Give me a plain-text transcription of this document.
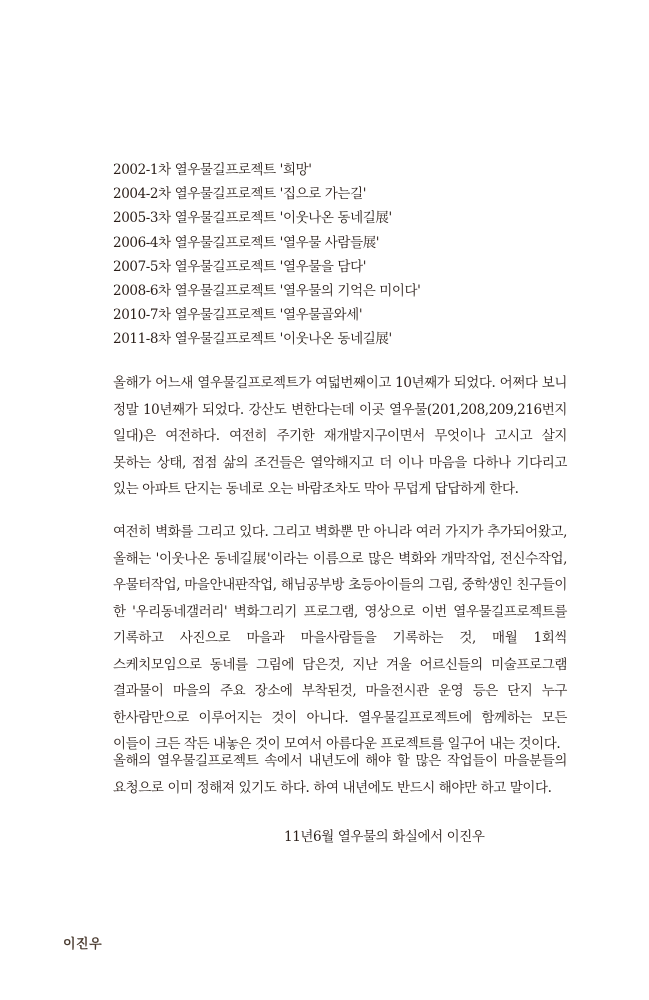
2002-1차 열우물길프로젝트 '희망'
2004-2차 열우물길프로젝트 '집으로 가는길'
2005-3차 열우물길프로젝트 '이웃나온 동네길展'
2006-4차 열우물길프로젝트 '열우물 사람들展'
2007-5차 열우물길프로젝트 '열우물을 담다'
2008-6차 열우물길프로젝트 '열우물의 기억은 미이다'
2010-7차 열우물길프로젝트 '열우물골와세'
2011-8차 열우물길프로젝트 '이웃나온 동네길展'
올해가 어느새 열우물길프로젝트가 여덟번째이고 10년째가 되었다. 어쩌다 보니 정말 10년째가 되었다. 강산도 변한다는데 이곳 열우물(201,208,209,216번지 일대)은 여전하다. 여전히 주기한 재개발지구이면서 무엇이나 고시고 살지 못하는 상태, 점점 삶의 조건들은 열악해지고 더 이나 마음을 다하나 기다리고 있는 아파트 단지는 동네로 오는 바람조차도 막아 무덥게 답답하게 한다.
여전히 벽화를 그리고 있다. 그리고 벽화뿐 만 아니라 여러 가지가 추가되어왔고, 올해는 '이웃나온 동네길展'이라는 이름으로 많은 벽화와 개막작업, 전신수작업, 우물터작업, 마을안내판작업, 해님공부방 초등아이들의 그림, 중학생인 친구들이 한 '우리동네갤러리' 벽화그리기 프로그램, 영상으로 이번 열우물길프로젝트를 기록하고 사진으로 마을과 마을사람들을 기록하는 것, 매월 1회씩 스케치모임으로 동네를 그림에 담은것, 지난 겨울 어르신들의 미술프로그램 결과물이 마을의 주요 장소에 부착된것, 마을전시관 운영 등은 단지 누구 한사람만으로 이루어지는 것이 아니다. 열우물길프로젝트에 함께하는 모든 이들이 크든 작든 내놓은 것이 모여서 아름다운 프로젝트를 일구어 내는 것이다.
올해의 열우물길프로젝트 속에서 내년도에 해야 할 많은 작업들이 마을분들의 요청으로 이미 정해져 있기도 하다. 하여 내년에도 반드시 해야만 하고 말이다.
11년6월 열우물의 화실에서 이진우
이진우
